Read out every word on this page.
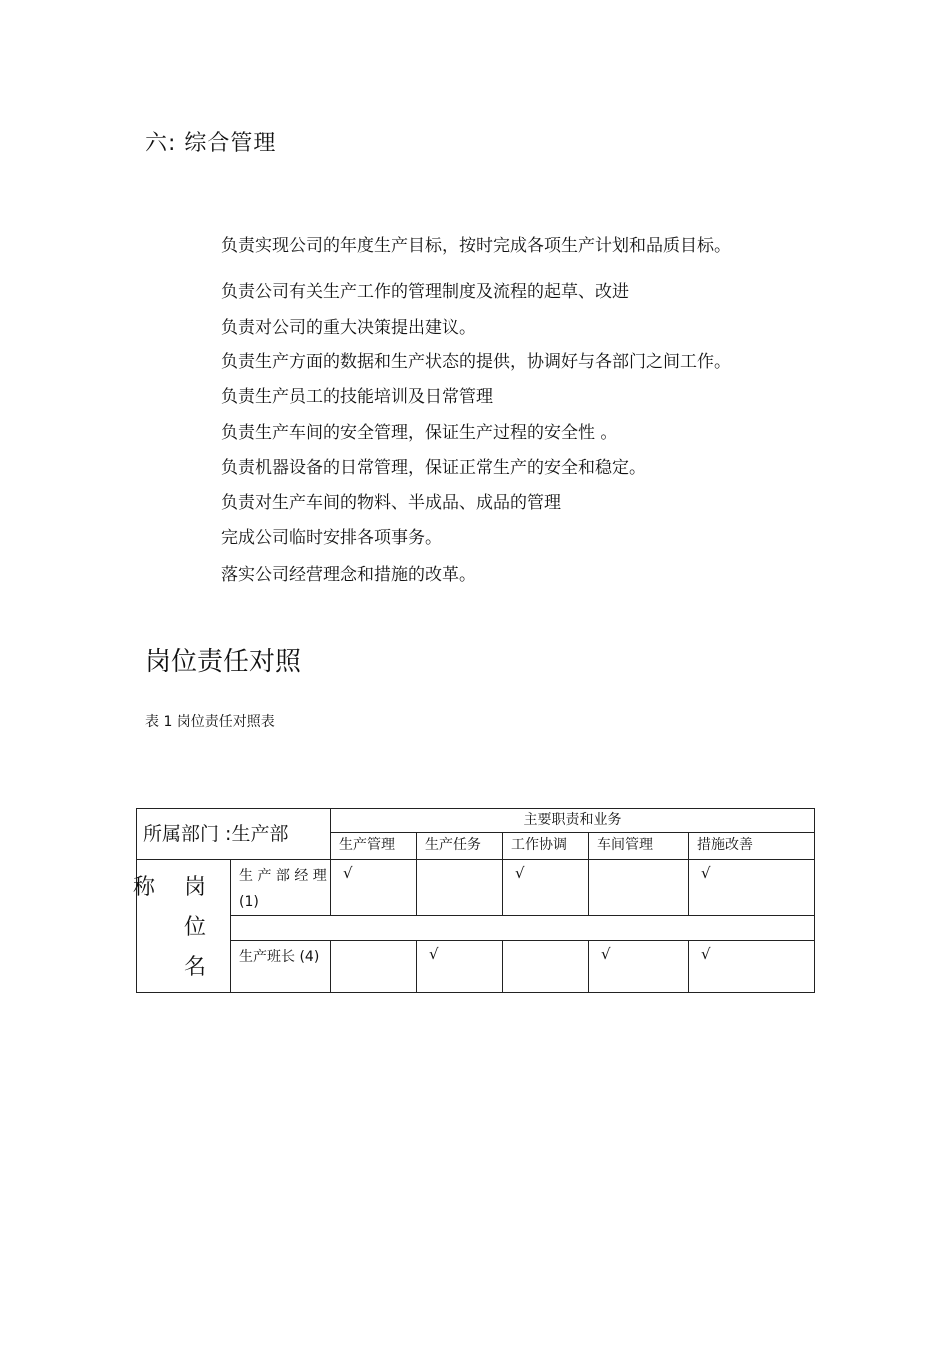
六: 综合管理
负责实现公司的年度生产目标，按时完成各项生产计划和品质目标。
负责公司有关生产工作的管理制度及流程的起草、改进
负责对公司的重大决策提出建议。
负责生产方面的数据和生产状态的提供，协调好与各部门之间工作。
负责生产员工的技能培训及日常管理
负责生产车间的安全管理，保证生产过程的安全性 。
负责机器设备的日常管理，保证正常生产的安全和稳定。
负责对生产车间的物料、半成品、成品的管理
完成公司临时安排各项事务。
落实公司经营理念和措施的改革。
岗位责任对照
表 1 岗位责任对照表
所属部门 :生产部		主要职责和业务				
		生产管理	生产任务	工作协调	车间管理	措施改善

称 岗
位
名	生 产 部 经 理(1)	√		√		√

	生产班长 (4)		√		√	√
